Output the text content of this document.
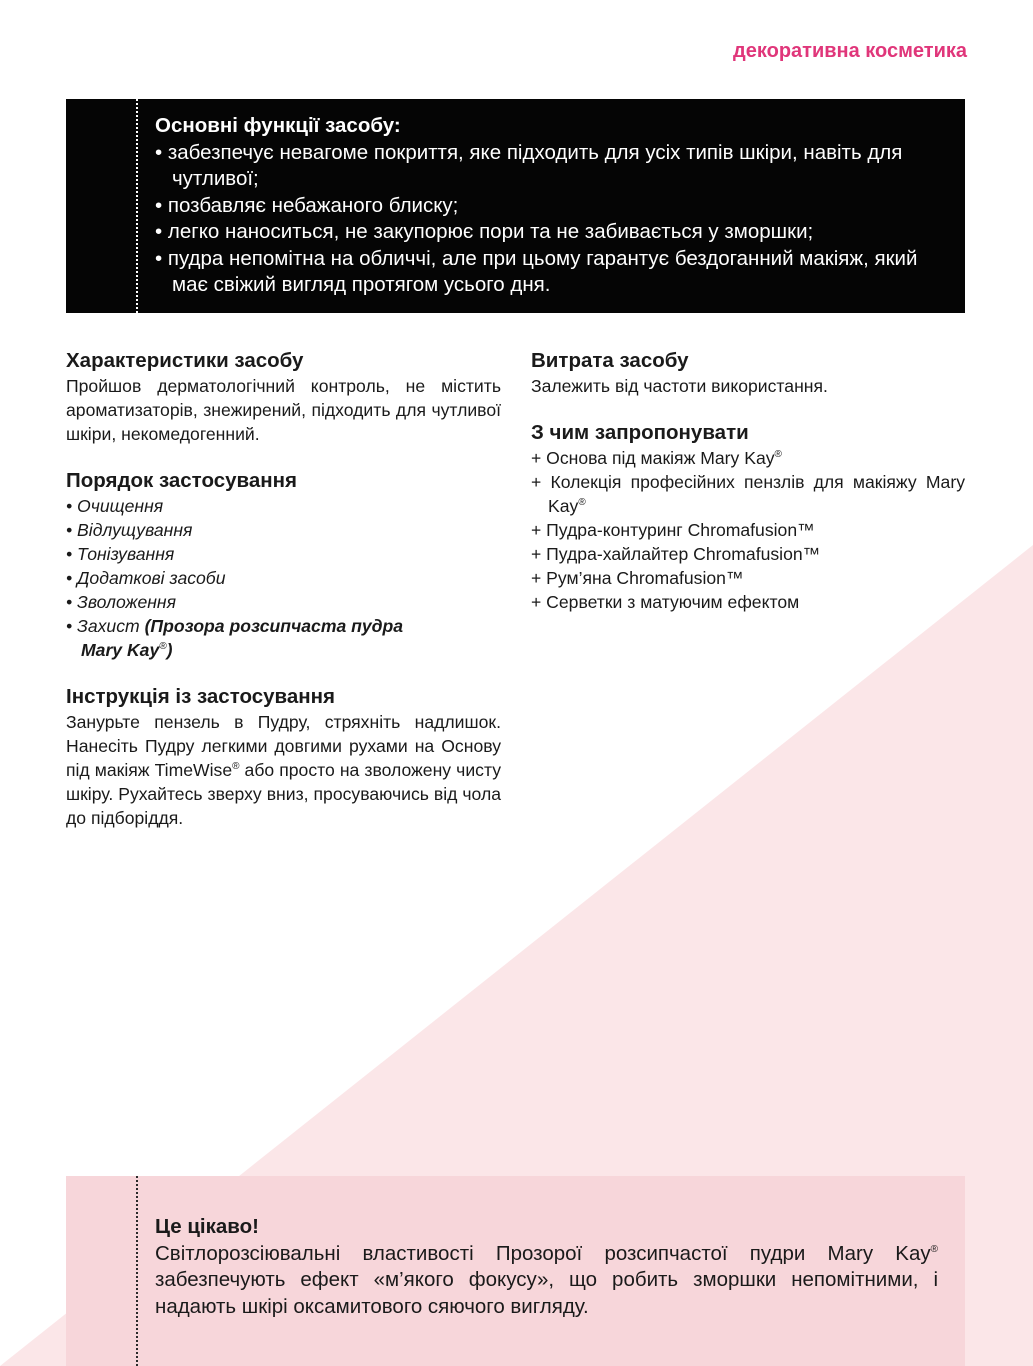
декоративна косметика
Основні функції засобу:
• забезпечує невагоме покриття, яке підходить для усіх типів шкіри, навіть для чутливої;
• позбавляє небажаного блиску;
• легко наноситься, не закупорює пори та не забивається у зморшки;
• пудра непомітна на обличчі, але при цьому гарантує бездоганний макіяж, який має свіжий вигляд протягом усього дня.
Характеристики засобу
Пройшов дерматологічний контроль, не містить ароматизаторів, знежирений, підходить для чутливої шкіри, некомедогенний.
Порядок застосування
• Очищення
• Відлущування
• Тонізування
• Додаткові засоби
• Зволоження
• Захист (Прозора розсипчаста пудра
Mary Kay®)
Інструкція із застосування
Занурьте пензель в Пудру, стряхніть надлишок. Нанесіть Пудру легкими довгими рухами на Основу під макіяж TimeWise® або просто на зволожену чисту шкіру. Рухайтесь зверху вниз, просуваючись від чола до підборіддя.
Витрата засобу
Залежить від частоти використання.
З чим запропонувати
+ Основа під макіяж Mary Kay®
+ Колекція професійних пензлів для макіяжу Mary Kay®
+ Пудра-контуринг Chromafusion™
+ Пудра-хайлайтер Chromafusion™
+ Рум’яна Chromafusion™
+ Серветки з матуючим ефектом
Це цікаво!
Світлорозсіювальні властивості Прозорої розсипчастої пудри Mary Kay® забезпечують ефект «м’якого фокусу», що робить зморшки непомітними, і надають шкірі оксамитового сяючого вигляду.
